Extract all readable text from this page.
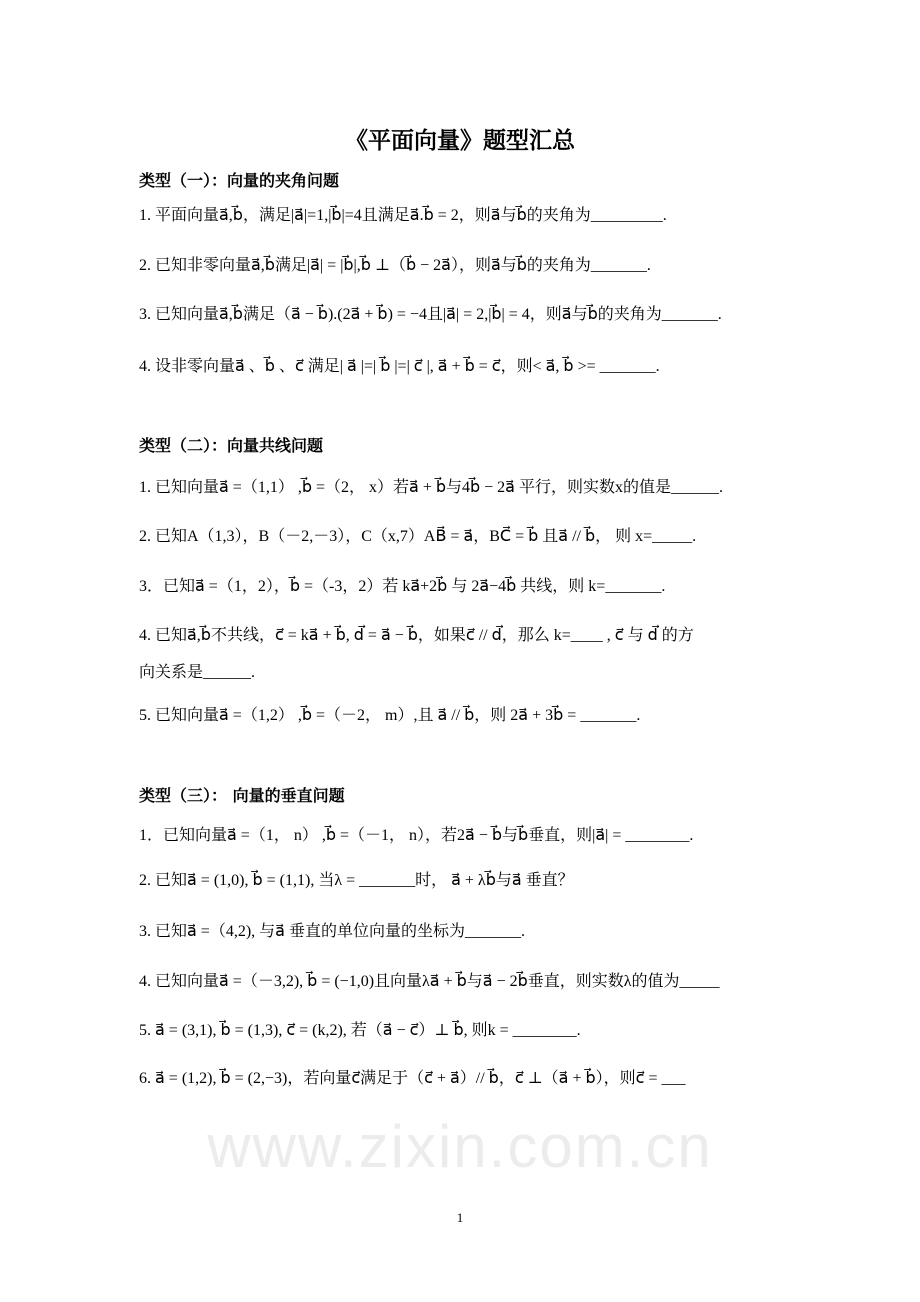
《平面向量》题型汇总
类型（一）：向量的夹角问题
1. 平面向量a⃗,b⃗，满足|a⃗|=1,|b⃗|=4且满足a⃗.b⃗ = 2，则a⃗与b⃗的夹角为_________.
2. 已知非零向量a⃗,b⃗满足|a⃗| = |b⃗|,b⃗ ⊥（b⃗ − 2a⃗），则a⃗与b⃗的夹角为_______.
3. 已知向量a⃗,b⃗满足（a⃗ − b⃗).(2a⃗ + b⃗) = −4且|a⃗| = 2,|b⃗| = 4，则a⃗与b⃗的夹角为_______.
4. 设非零向量a⃗ 、b⃗ 、c⃗ 满足| a⃗ |=| b⃗ |=| c⃗ |, a⃗ + b⃗ = c⃗，则< a⃗, b⃗ >= _______.
类型（二）：向量共线问题
1. 已知向量a⃗ =（1,1） ,b⃗ =（2， x）若a⃗ + b⃗与4b⃗ − 2a⃗ 平行，则实数x的值是______.
2. 已知A（1,3），B（－2,－3），C（x,7）AB⃗ = a⃗，BC⃗ = b⃗ 且a⃗ // b⃗， 则 x=_____.
3．已知a⃗ =（1，2），b⃗ =（-3，2）若 ka⃗+2b⃗ 与 2a⃗−4b⃗ 共线，则 k=_______.
4. 已知a⃗,b⃗不共线，c⃗ = ka⃗ + b⃗, d⃗ = a⃗ − b⃗，如果c⃗ // d⃗，那么 k=____ , c⃗ 与 d⃗ 的方
向关系是______.
5. 已知向量a⃗ =（1,2） ,b⃗ =（－2， m）,且 a⃗ // b⃗，则 2a⃗ + 3b⃗ = _______.
类型（三）： 向量的垂直问题
1．已知向量a⃗ =（1， n） ,b⃗ =（－1， n），若2a⃗ − b⃗与b⃗垂直，则|a⃗| = ________.
2. 已知a⃗ = (1,0), b⃗ = (1,1), 当λ = _______时， a⃗ + λb⃗与a⃗ 垂直？
3. 已知a⃗ =（4,2), 与a⃗ 垂直的单位向量的坐标为_______.
4. 已知向量a⃗ =（－3,2), b⃗ = (−1,0)且向量λa⃗ + b⃗与a⃗ − 2b⃗垂直，则实数λ的值为_____
5. a⃗ = (3,1), b⃗ = (1,3), c⃗ = (k,2), 若（a⃗ − c⃗）⊥ b⃗, 则k = ________.
6. a⃗ = (1,2), b⃗ = (2,−3)，若向量c⃗满足于（c⃗ + a⃗）// b⃗，c⃗ ⊥（a⃗ + b⃗），则c⃗ = ___
www.zixin.com.cn
1
